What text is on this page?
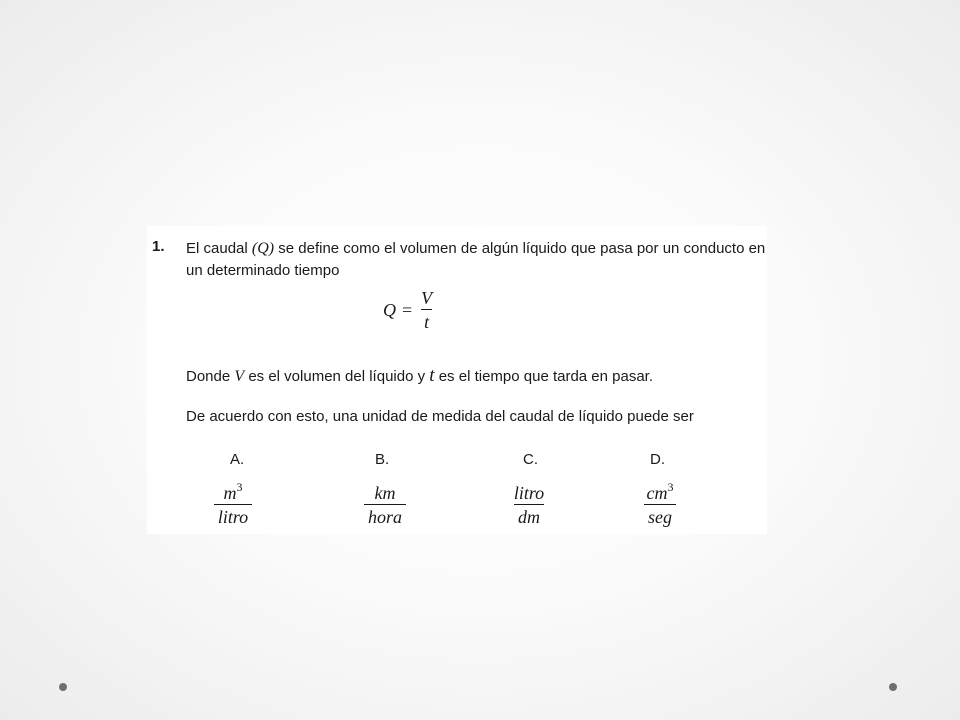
1. El caudal (Q) se define como el volumen de algún líquido que pasa por un conducto en un determinado tiempo

$Q = \frac{V}{t}$

Donde V es el volumen del líquido y t es el tiempo que tarda en pasar.

De acuerdo con esto, una unidad de medida del caudal de líquido puede ser

A.	B.	C.	D.
$\frac{m^3}{\text{litro}}$	$\frac{km}{\text{hora}}$	$\frac{\text{litro}}{dm}$	$\frac{cm^3}{\text{seg}}$
